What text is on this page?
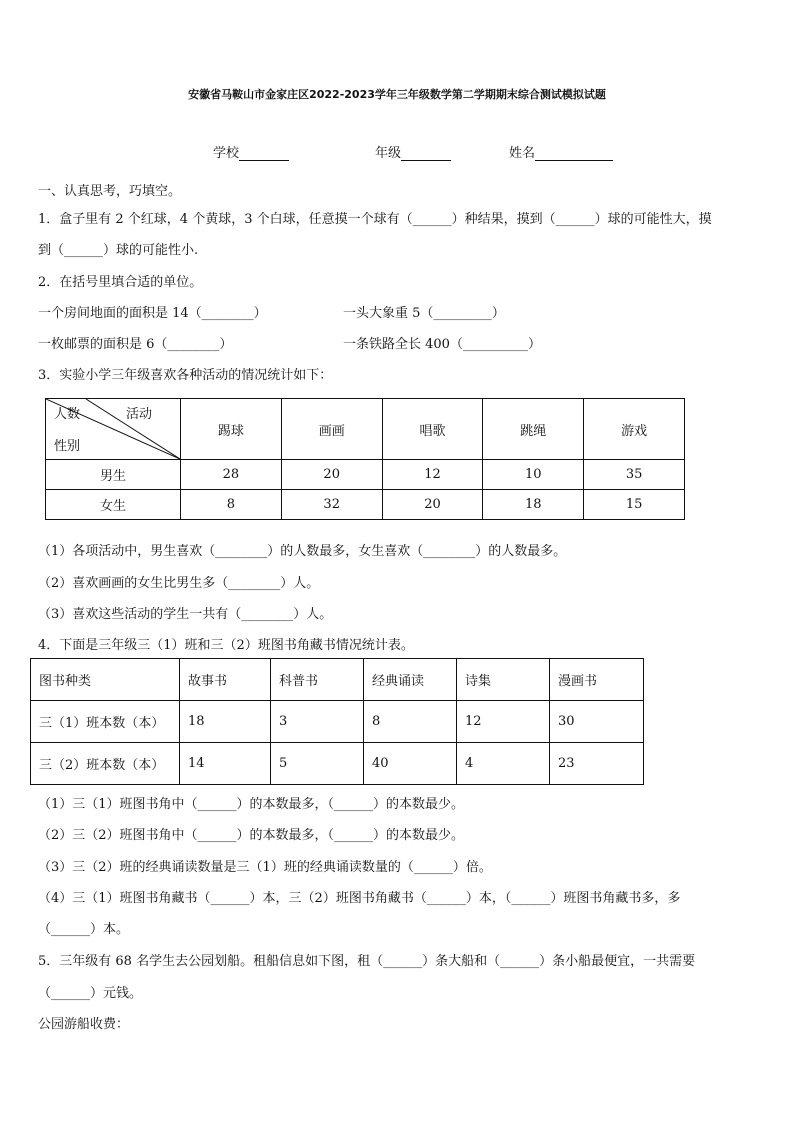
安徽省马鞍山市金家庄区2022-2023学年三年级数学第二学期期末综合测试模拟试题
学校	年级	姓名
一、认真思考，巧填空。
1．盒子里有 2 个红球，4 个黄球，3 个白球，任意摸一个球有（______）种结果，摸到（______）球的可能性大，摸
到（______）球的可能性小.
2．在括号里填合适的单位。
一个房间地面的面积是 14（________）	一头大象重 5（_________）
一枚邮票的面积是 6（________）	一条铁路全长 400（__________）
3．实验小学三年级喜欢各种活动的情况统计如下：
人数 活动
性别	踢球	画画	唱歌	跳绳	游戏
男生	28	20	12	10	35
女生	8	32	20	18	15
（1）各项活动中，男生喜欢（________）的人数最多，女生喜欢（________）的人数最多。
（2）喜欢画画的女生比男生多（________）人。
（3）喜欢这些活动的学生一共有（________）人。
4．下面是三年级三（1）班和三（2）班图书角藏书情况统计表。
图书种类	故事书	科普书	经典诵读	诗集	漫画书
三（1）班本数（本）	18	3	8	12	30
三（2）班本数（本）	14	5	40	4	23
（1）三（1）班图书角中（______）的本数最多，（______）的本数最少。
（2）三（2）班图书角中（______）的本数最多，（______）的本数最少。
（3）三（2）班的经典诵读数量是三（1）班的经典诵读数量的（______）倍。
（4）三（1）班图书角藏书（______）本，三（2）班图书角藏书（______）本，（______）班图书角藏书多，多
（______）本。
5．三年级有 68 名学生去公园划船。租船信息如下图，租（______）条大船和（______）条小船最便宜，一共需要
（______）元钱。
公园游船收费：
